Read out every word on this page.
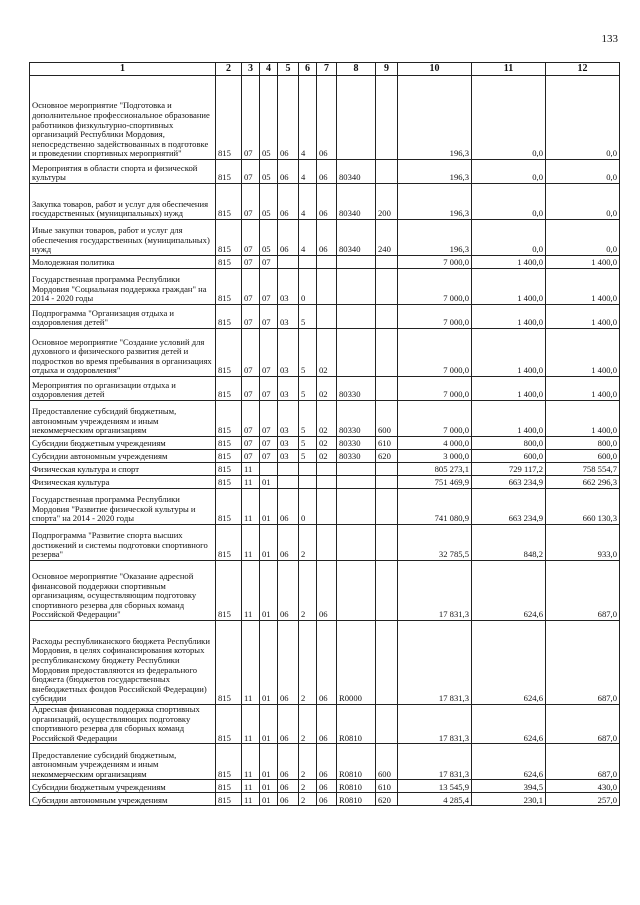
133
1	2	3	4	5	6	7	8	9	10	11	12
Основное мероприятие "Подготовка и дополнительное профессиональное образование работников физкультурно-спортивных организаций Республики Мордовия, непосредственно задействованных в подготовке и проведении спортивных мероприятий"	815	07	05	06	4	06			196,3	0,0	0,0
Мероприятия в области спорта и физической культуры	815	07	05	06	4	06	80340		196,3	0,0	0,0
Закупка товаров, работ и услуг для обеспечения государственных (муниципальных) нужд	815	07	05	06	4	06	80340	200	196,3	0,0	0,0
Иные закупки товаров, работ и услуг для обеспечения государственных (муниципальных) нужд	815	07	05	06	4	06	80340	240	196,3	0,0	0,0
Молодежная политика	815	07	07						7 000,0	1 400,0	1 400,0
Государственная программа Республики Мордовия "Социальная поддержка граждан" на 2014 - 2020 годы	815	07	07	03	0				7 000,0	1 400,0	1 400,0
Подпрограмма "Организация отдыха и оздоровления детей"	815	07	07	03	5				7 000,0	1 400,0	1 400,0
Основное мероприятие "Создание условий для духовного и физического развития детей и подростков во время пребывания в организациях отдыха и оздоровления"	815	07	07	03	5	02			7 000,0	1 400,0	1 400,0
Мероприятия по организации отдыха и оздоровления детей	815	07	07	03	5	02	80330		7 000,0	1 400,0	1 400,0
Предоставление субсидий бюджетным, автономным учреждениям и иным некоммерческим организациям	815	07	07	03	5	02	80330	600	7 000,0	1 400,0	1 400,0
Субсидии бюджетным учреждениям	815	07	07	03	5	02	80330	610	4 000,0	800,0	800,0
Субсидии автономным учреждениям	815	07	07	03	5	02	80330	620	3 000,0	600,0	600,0
Физическая культура и спорт	815	11							805 273,1	729 117,2	758 554,7
Физическая культура	815	11	01						751 469,9	663 234,9	662 296,3
Государственная программа Республики Мордовия "Развитие физической культуры и спорта" на 2014 - 2020 годы	815	11	01	06	0				741 080,9	663 234,9	660 130,3
Подпрограмма "Развитие спорта высших достижений и системы подготовки спортивного резерва"	815	11	01	06	2				32 785,5	848,2	933,0
Основное мероприятие "Оказание адресной финансовой поддержки спортивным организациям, осуществляющим подготовку спортивного резерва для сборных команд Российской Федерации"	815	11	01	06	2	06			17 831,3	624,6	687,0
Расходы республиканского бюджета Республики Мордовия, в целях софинансирования которых республиканскому бюджету Республики Мордовия предоставляются из федерального бюджета (бюджетов государственных внебюджетных фондов Российской Федерации) субсидии	815	11	01	06	2	06	R0000		17 831,3	624,6	687,0
Адресная финансовая поддержка спортивных организаций, осуществляющих подготовку спортивного резерва для сборных команд Российской Федерации	815	11	01	06	2	06	R0810		17 831,3	624,6	687,0
Предоставление субсидий бюджетным, автономным учреждениям и иным некоммерческим организациям	815	11	01	06	2	06	R0810	600	17 831,3	624,6	687,0
Субсидии бюджетным учреждениям	815	11	01	06	2	06	R0810	610	13 545,9	394,5	430,0
Субсидии автономным учреждениям	815	11	01	06	2	06	R0810	620	4 285,4	230,1	257,0
